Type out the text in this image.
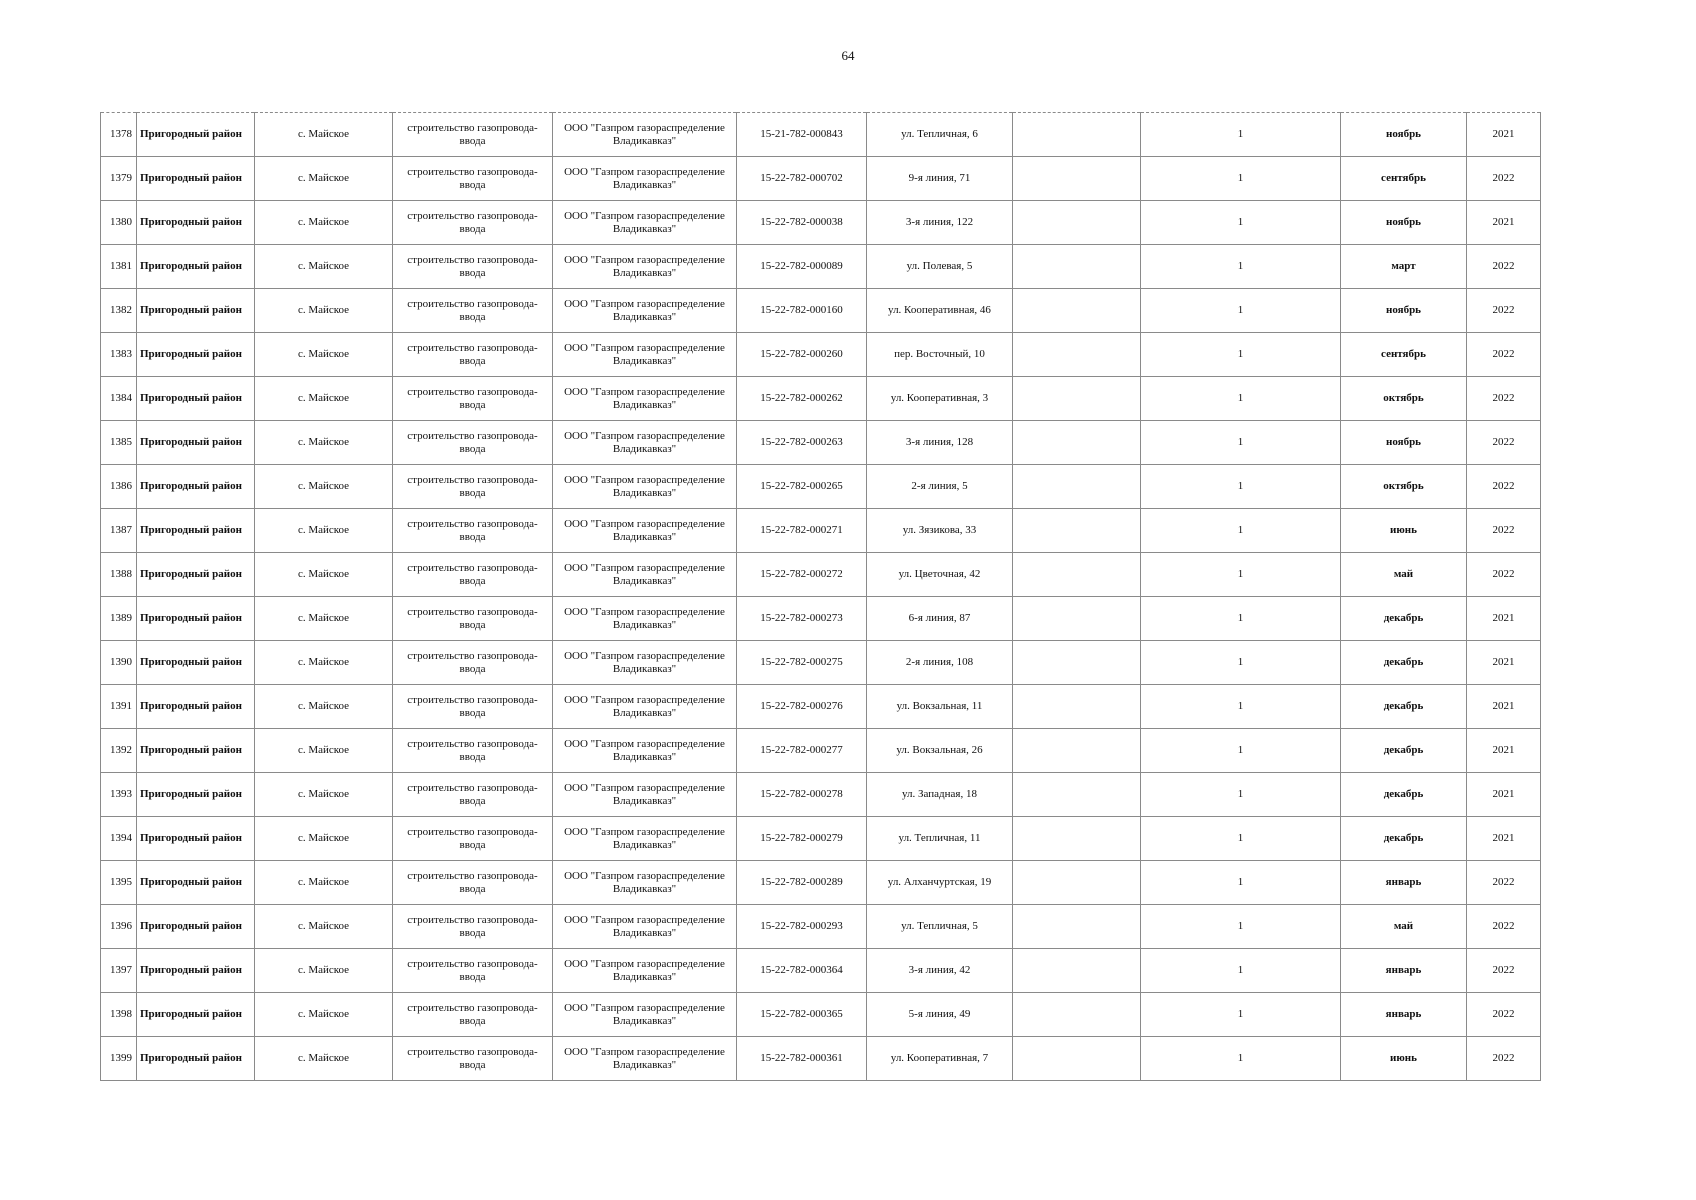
64
1378	Пригородный район	с. Майское	строительство газопровода-ввода	ООО "Газпром газораспределение Владикавказ"	15-21-782-000843	ул. Тепличная, 6		1	ноябрь	2021
1379	Пригородный район	с. Майское	строительство газопровода-ввода	ООО "Газпром газораспределение Владикавказ"	15-22-782-000702	9-я линия, 71		1	сентябрь	2022
1380	Пригородный район	с. Майское	строительство газопровода-ввода	ООО "Газпром газораспределение Владикавказ"	15-22-782-000038	3-я линия, 122		1	ноябрь	2021
1381	Пригородный район	с. Майское	строительство газопровода-ввода	ООО "Газпром газораспределение Владикавказ"	15-22-782-000089	ул. Полевая, 5		1	март	2022
1382	Пригородный район	с. Майское	строительство газопровода-ввода	ООО "Газпром газораспределение Владикавказ"	15-22-782-000160	ул. Кооперативная, 46		1	ноябрь	2022
1383	Пригородный район	с. Майское	строительство газопровода-ввода	ООО "Газпром газораспределение Владикавказ"	15-22-782-000260	пер. Восточный, 10		1	сентябрь	2022
1384	Пригородный район	с. Майское	строительство газопровода-ввода	ООО "Газпром газораспределение Владикавказ"	15-22-782-000262	ул. Кооперативная, 3		1	октябрь	2022
1385	Пригородный район	с. Майское	строительство газопровода-ввода	ООО "Газпром газораспределение Владикавказ"	15-22-782-000263	3-я линия, 128		1	ноябрь	2022
1386	Пригородный район	с. Майское	строительство газопровода-ввода	ООО "Газпром газораспределение Владикавказ"	15-22-782-000265	2-я линия, 5		1	октябрь	2022
1387	Пригородный район	с. Майское	строительство газопровода-ввода	ООО "Газпром газораспределение Владикавказ"	15-22-782-000271	ул. Зязикова, 33		1	июнь	2022
1388	Пригородный район	с. Майское	строительство газопровода-ввода	ООО "Газпром газораспределение Владикавказ"	15-22-782-000272	ул. Цветочная, 42		1	май	2022
1389	Пригородный район	с. Майское	строительство газопровода-ввода	ООО "Газпром газораспределение Владикавказ"	15-22-782-000273	6-я линия, 87		1	декабрь	2021
1390	Пригородный район	с. Майское	строительство газопровода-ввода	ООО "Газпром газораспределение Владикавказ"	15-22-782-000275	2-я линия, 108		1	декабрь	2021
1391	Пригородный район	с. Майское	строительство газопровода-ввода	ООО "Газпром газораспределение Владикавказ"	15-22-782-000276	ул. Вокзальная, 11		1	декабрь	2021
1392	Пригородный район	с. Майское	строительство газопровода-ввода	ООО "Газпром газораспределение Владикавказ"	15-22-782-000277	ул. Вокзальная, 26		1	декабрь	2021
1393	Пригородный район	с. Майское	строительство газопровода-ввода	ООО "Газпром газораспределение Владикавказ"	15-22-782-000278	ул. Западная, 18		1	декабрь	2021
1394	Пригородный район	с. Майское	строительство газопровода-ввода	ООО "Газпром газораспределение Владикавказ"	15-22-782-000279	ул. Тепличная, 11		1	декабрь	2021
1395	Пригородный район	с. Майское	строительство газопровода-ввода	ООО "Газпром газораспределение Владикавказ"	15-22-782-000289	ул. Алханчуртская, 19		1	январь	2022
1396	Пригородный район	с. Майское	строительство газопровода-ввода	ООО "Газпром газораспределение Владикавказ"	15-22-782-000293	ул. Тепличная, 5		1	май	2022
1397	Пригородный район	с. Майское	строительство газопровода-ввода	ООО "Газпром газораспределение Владикавказ"	15-22-782-000364	3-я линия, 42		1	январь	2022
1398	Пригородный район	с. Майское	строительство газопровода-ввода	ООО "Газпром газораспределение Владикавказ"	15-22-782-000365	5-я линия, 49		1	январь	2022
1399	Пригородный район	с. Майское	строительство газопровода-ввода	ООО "Газпром газораспределение Владикавказ"	15-22-782-000361	ул. Кооперативная, 7		1	июнь	2022
